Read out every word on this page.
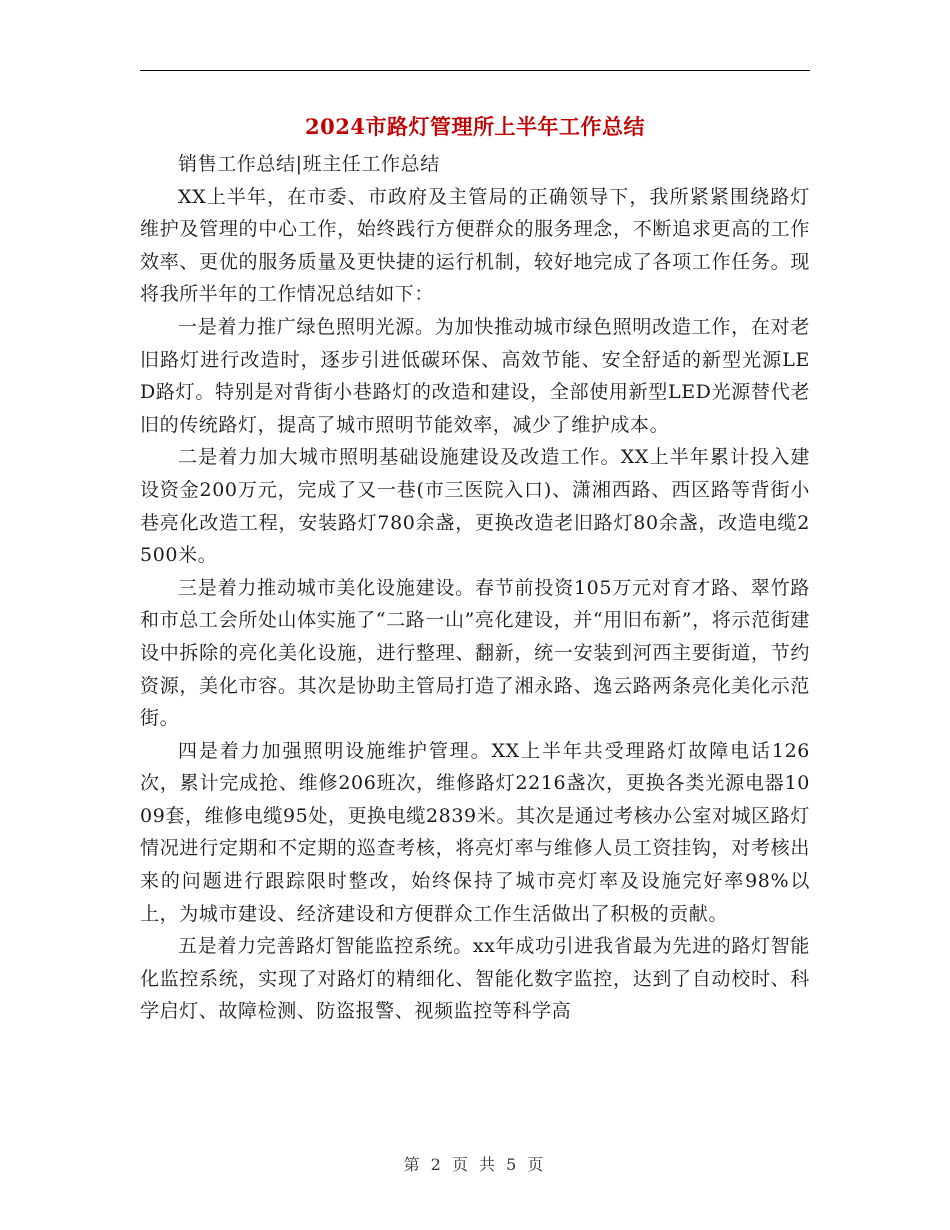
2024市路灯管理所上半年工作总结

销售工作总结|班主任工作总结

XX上半年，在市委、市政府及主管局的正确领导下，我所紧紧围绕路灯维护及管理的中心工作，始终践行方便群众的服务理念，不断追求更高的工作效率、更优的服务质量及更快捷的运行机制，较好地完成了各项工作任务。现将我所半年的工作情况总结如下：

一是着力推广绿色照明光源。为加快推动城市绿色照明改造工作，在对老旧路灯进行改造时，逐步引进低碳环保、高效节能、安全舒适的新型光源LED路灯。特别是对背街小巷路灯的改造和建设，全部使用新型LED光源替代老旧的传统路灯，提高了城市照明节能效率，减少了维护成本。

二是着力加大城市照明基础设施建设及改造工作。XX上半年累计投入建设资金200万元，完成了又一巷(市三医院入口)、潇湘西路、西区路等背街小巷亮化改造工程，安装路灯780余盏，更换改造老旧路灯80余盏，改造电缆2500米。

三是着力推动城市美化设施建设。春节前投资105万元对育才路、翠竹路和市总工会所处山体实施了“二路一山”亮化建设，并“用旧布新”，将示范街建设中拆除的亮化美化设施，进行整理、翻新，统一安装到河西主要街道，节约资源，美化市容。其次是协助主管局打造了湘永路、逸云路两条亮化美化示范街。

四是着力加强照明设施维护管理。XX上半年共受理路灯故障电话126次，累计完成抢、维修206班次，维修路灯2216盏次，更换各类光源电器1009套，维修电缆95处，更换电缆2839米。其次是通过考核办公室对城区路灯情况进行定期和不定期的巡查考核，将亮灯率与维修人员工资挂钩，对考核出来的问题进行跟踪限时整改，始终保持了城市亮灯率及设施完好率98%以上，为城市建设、经济建设和方便群众工作生活做出了积极的贡献。

五是着力完善路灯智能监控系统。xx年成功引进我省最为先进的路灯智能化监控系统，实现了对路灯的精细化、智能化数字监控，达到了自动校时、科学启灯、故障检测、防盗报警、视频监控等科学高

第 2 页 共 5 页
